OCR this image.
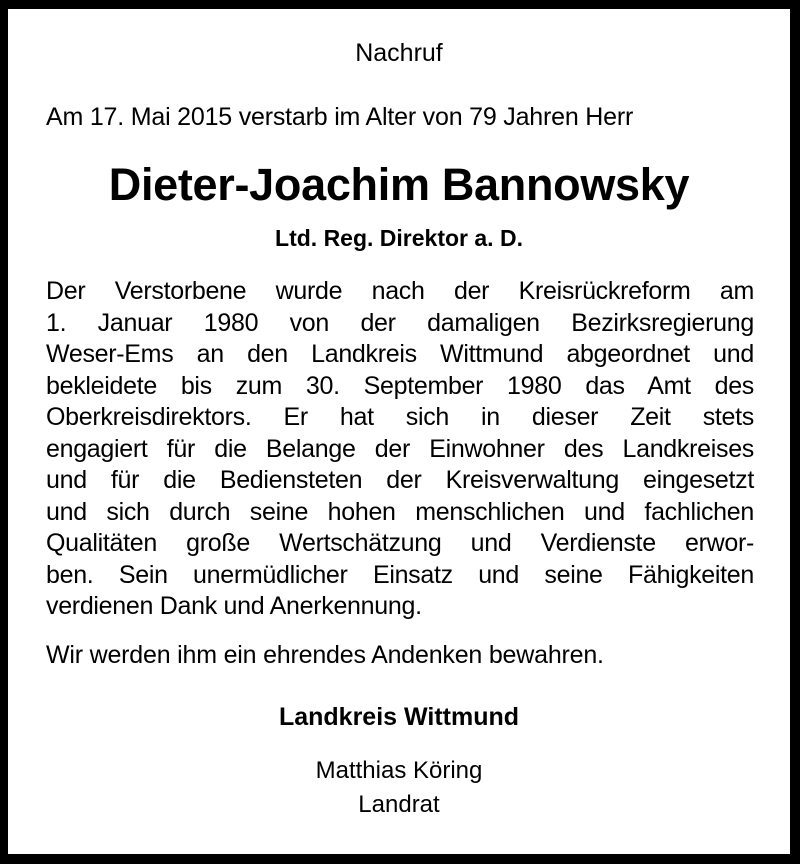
Nachruf
Am 17. Mai 2015 verstarb im Alter von 79 Jahren Herr
Dieter-Joachim Bannowsky
Ltd. Reg. Direktor a. D.
Der Verstorbene wurde nach der Kreisrückreform am
1. Januar 1980 von der damaligen Bezirksregierung
Weser-Ems an den Landkreis Wittmund abgeordnet und
bekleidete bis zum 30. September 1980 das Amt des
Oberkreisdirektors. Er hat sich in dieser Zeit stets
engagiert für die Belange der Einwohner des Landkreises
und für die Bediensteten der Kreisverwaltung eingesetzt
und sich durch seine hohen menschlichen und fachlichen
Qualitäten große Wertschätzung und Verdienste erwor-
ben. Sein unermüdlicher Einsatz und seine Fähigkeiten
verdienen Dank und Anerkennung.
Wir werden ihm ein ehrendes Andenken bewahren.
Landkreis Wittmund
Matthias Köring
Landrat
